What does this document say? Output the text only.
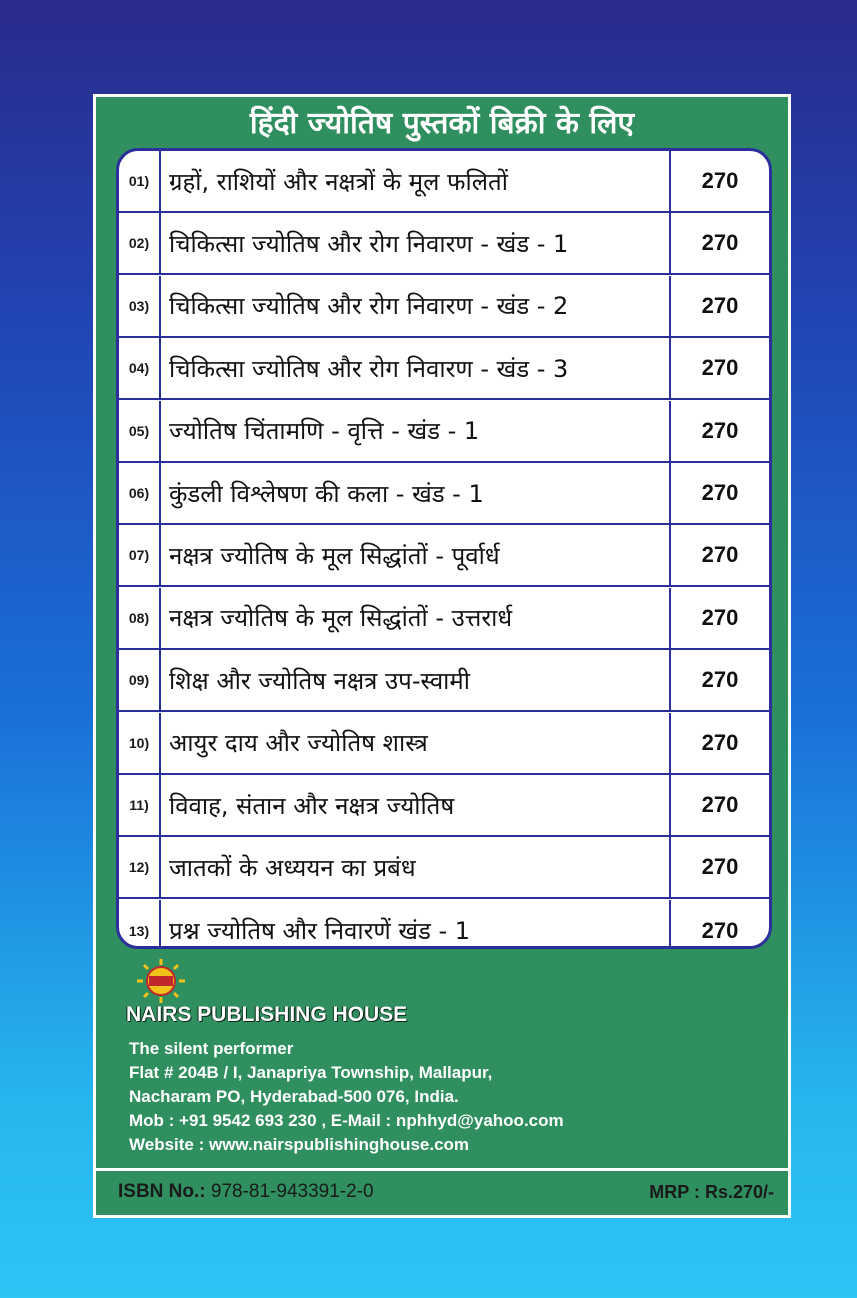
हिंदी ज्योतिष पुस्तकों बिक्री के लिए
01) ग्रहों, राशियों और नक्षत्रों के मूल फलितों	270
02) चिकित्सा ज्योतिष और रोग निवारण - खंड - 1	270
03) चिकित्सा ज्योतिष और रोग निवारण - खंड - 2	270
04) चिकित्सा ज्योतिष और रोग निवारण - खंड - 3	270
05) ज्योतिष चिंतामणि - वृत्ति - खंड - 1	270
06) कुंडली विश्लेषण की कला - खंड - 1	270
07) नक्षत्र ज्योतिष के मूल सिद्धांतों - पूर्वार्ध	270
08) नक्षत्र ज्योतिष के मूल सिद्धांतों - उत्तरार्ध	270
09) शिक्ष और ज्योतिष नक्षत्र उप-स्वामी	270
10) आयुर दाय और ज्योतिष शास्त्र	270
11) विवाह, संतान और नक्षत्र ज्योतिष	270
12) जातकों के अध्ययन का प्रबंध	270
13) प्रश्न ज्योतिष और निवारणें खंड - 1	270
NAIRS PUBLISHING HOUSE
The silent performer
Flat # 204B / I, Janapriya Township, Mallapur,
Nacharam PO, Hyderabad-500 076, India.
Mob : +91 9542 693 230 , E-Mail : nphhyd@yahoo.com
Website : www.nairspublishinghouse.com
ISBN No.: 978-81-943391-2-0	MRP : Rs.270/-
